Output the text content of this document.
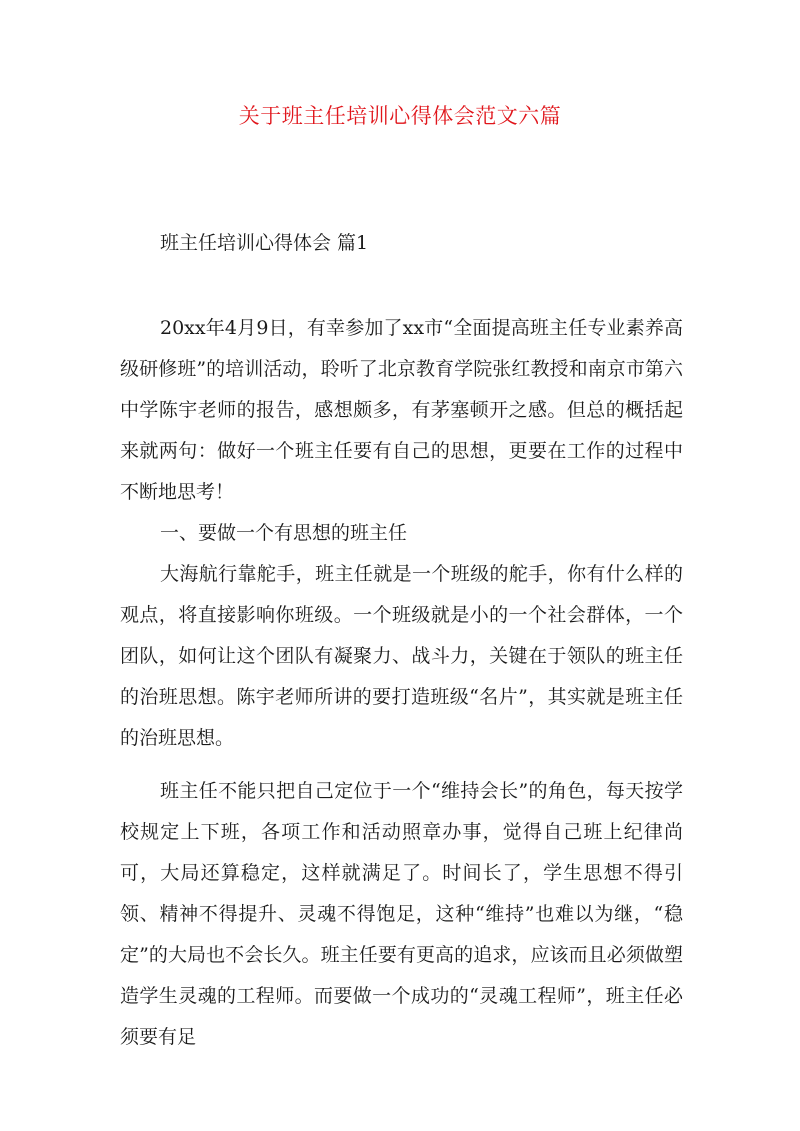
关于班主任培训心得体会范文六篇
班主任培训心得体会 篇1

20xx年4月9日，有幸参加了xx市“全面提高班主任专业素养高级研修班”的培训活动，聆听了北京教育学院张红教授和南京市第六中学陈宇老师的报告，感想颇多，有茅塞顿开之感。但总的概括起来就两句：做好一个班主任要有自己的思想，更要在工作的过程中不断地思考！

一、要做一个有思想的班主任

大海航行靠舵手，班主任就是一个班级的舵手，你有什么样的观点，将直接影响你班级。一个班级就是小的一个社会群体，一个团队，如何让这个团队有凝聚力、战斗力，关键在于领队的班主任的治班思想。陈宇老师所讲的要打造班级“名片”，其实就是班主任的治班思想。

班主任不能只把自己定位于一个“维持会长”的角色，每天按学校规定上下班，各项工作和活动照章办事，觉得自己班上纪律尚可，大局还算稳定，这样就满足了。时间长了，学生思想不得引领、精神不得提升、灵魂不得饱足，这种“维持”也难以为继，“稳定”的大局也不会长久。班主任要有更高的追求，应该而且必须做塑造学生灵魂的工程师。而要做一个成功的“灵魂工程师”，班主任必须要有足
